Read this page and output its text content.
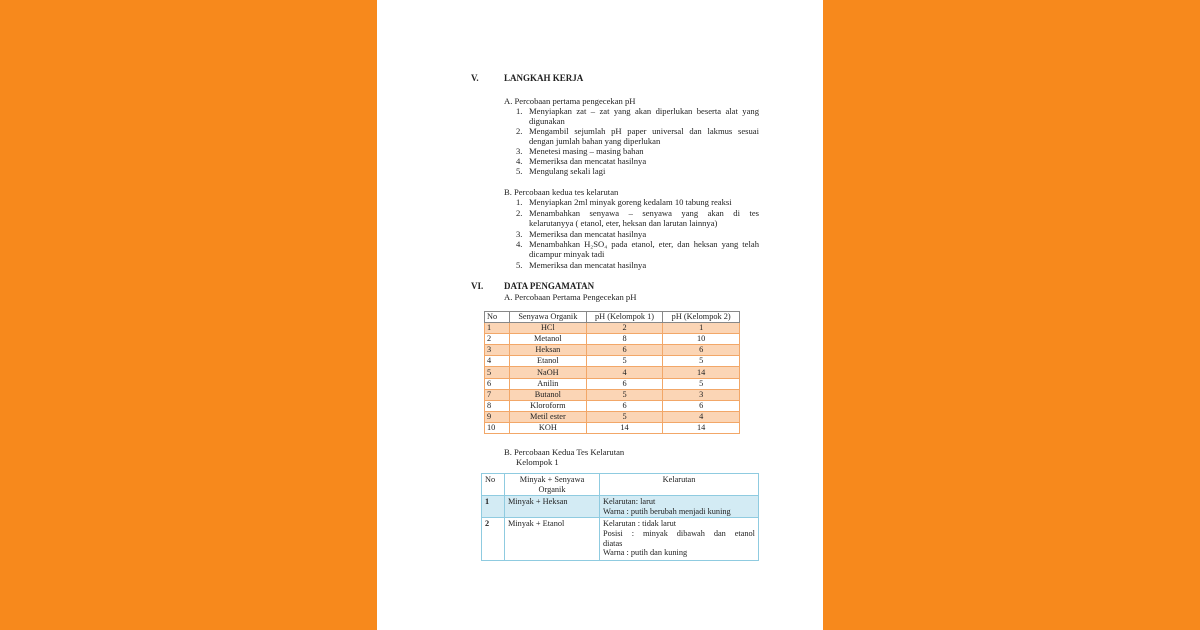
V.	LANGKAH KERJA
A. Percobaan pertama pengecekan pH
1. Menyiapkan zat – zat yang akan diperlukan beserta alat yang
digunakan
2. Mengambil sejumlah pH paper universal dan lakmus sesuai
dengan jumlah bahan yang diperlukan
3. Menetesi masing – masing bahan
4. Memeriksa dan mencatat hasilnya
5. Mengulang sekali lagi
B. Percobaan kedua tes kelarutan
1. Menyiapkan 2ml minyak goreng kedalam 10 tabung reaksi
2. Menambahkan senyawa – senyawa yang akan di tes
kelarutanyya ( etanol, eter, heksan dan larutan lainnya)
3. Memeriksa dan mencatat hasilnya
4. Menambahkan H₂SO₄ pada etanol, eter, dan heksan yang telah
dicampur minyak tadi
5. Memeriksa dan mencatat hasilnya
VI. DATA PENGAMATAN
A. Percobaan Pertama Pengecekan pH
No	Senyawa Organik	pH (Kelompok 1)	pH (Kelompok 2)
1	HCl	2	1
2	Metanol	8	10
3	Heksan	6	6
4	Etanol	5	5
5	NaOH	4	14
6	Anilin	6	5
7	Butanol	5	3
8	Kloroform	6	6
9	Metil ester	5	4
10	KOH	14	14
B. Percobaan Kedua Tes Kelarutan
Kelompok 1
No	Minyak + Senyawa Organik	Kelarutan
1	Minyak + Heksan	Kelarutan: larut
Warna : putih berubah menjadi kuning

2	Minyak + Etanol	Kelarutan : tidak larut
Posisi : minyak dibawah dan etanol
diatas
Warna : putih dan kuning
